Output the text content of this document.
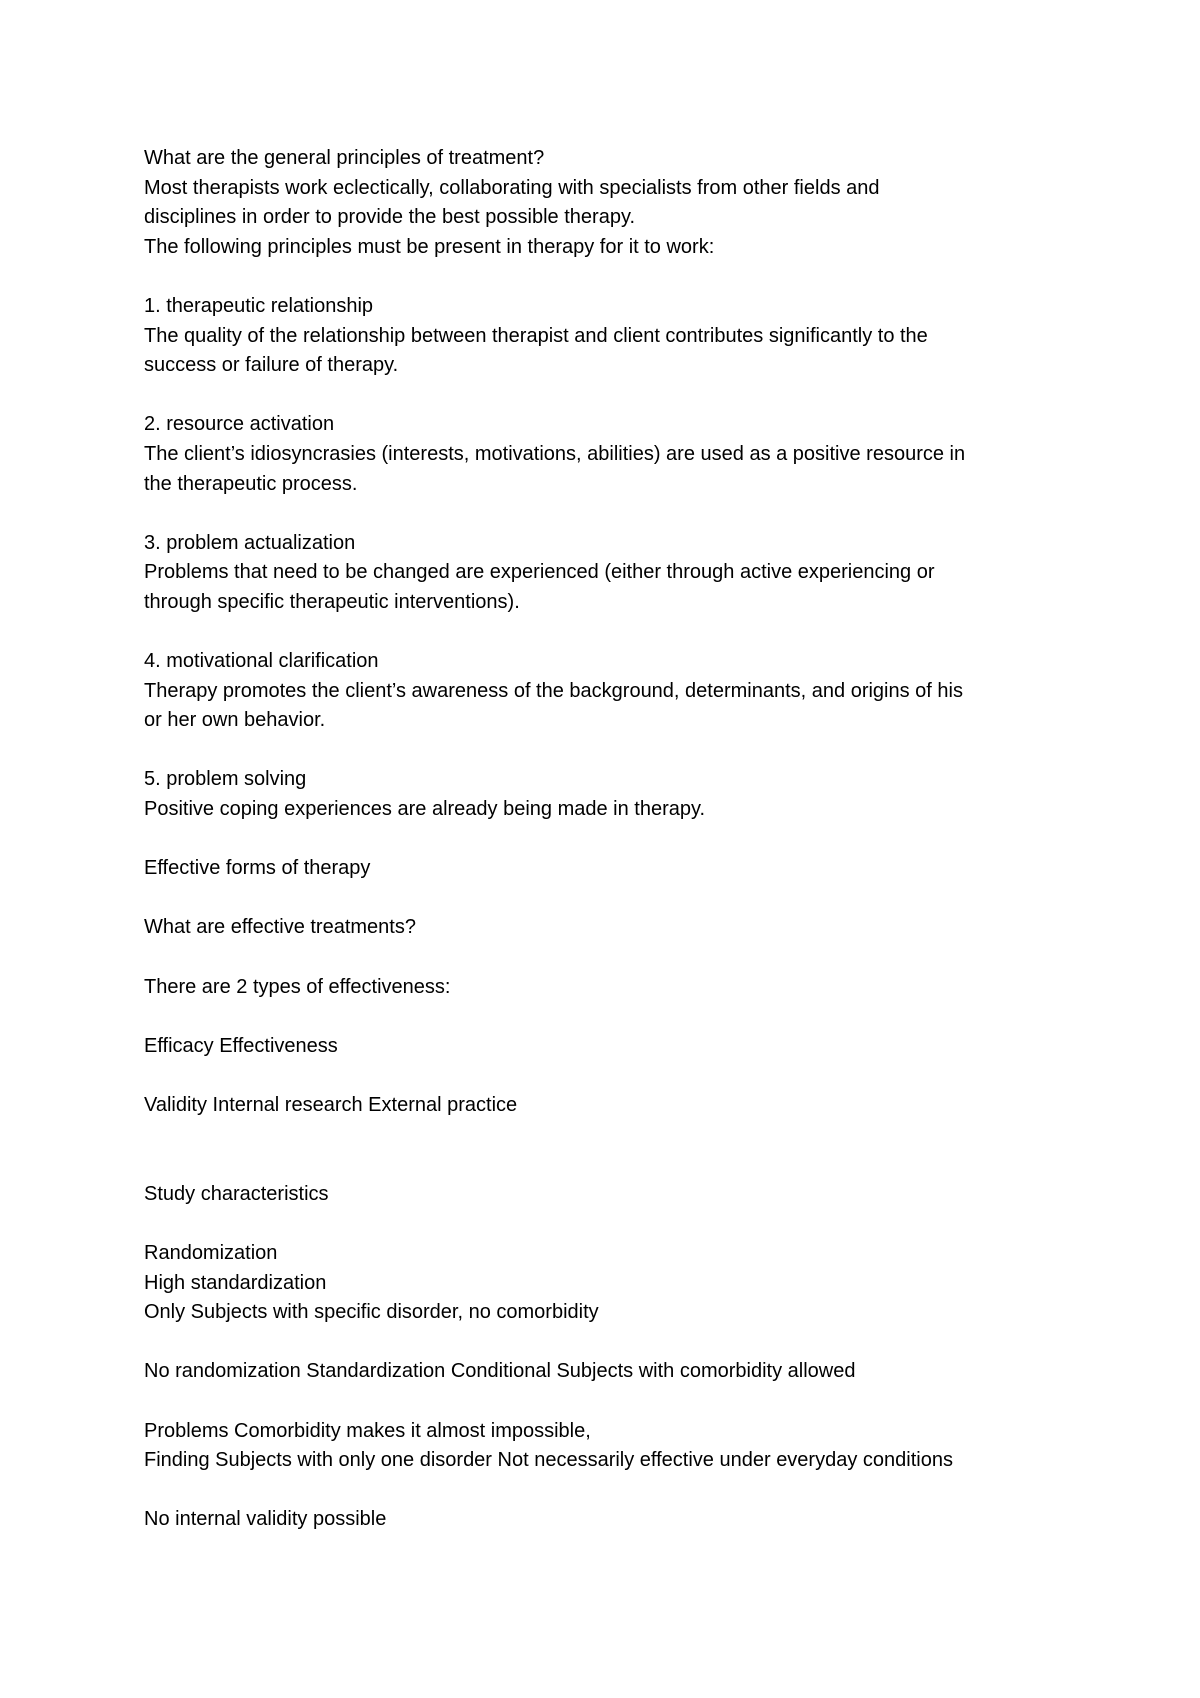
What are the general principles of treatment?
Most therapists work eclectically, collaborating with specialists from other fields and
disciplines in order to provide the best possible therapy.
The following principles must be present in therapy for it to work:
1. therapeutic relationship
The quality of the relationship between therapist and client contributes significantly to the
success or failure of therapy.
2. resource activation
The client’s idiosyncrasies (interests, motivations, abilities) are used as a positive resource in
the therapeutic process.
3. problem actualization
Problems that need to be changed are experienced (either through active experiencing or
through specific therapeutic interventions).
4. motivational clarification
Therapy promotes the client’s awareness of the background, determinants, and origins of his
or her own behavior.
5. problem solving
Positive coping experiences are already being made in therapy.
Effective forms of therapy
What are effective treatments?
There are 2 types of effectiveness:
Efficacy Effectiveness
Validity Internal research External practice
Study characteristics
Randomization
High standardization
Only Subjects with specific disorder, no comorbidity
No randomization Standardization Conditional Subjects with comorbidity allowed
Problems Comorbidity makes it almost impossible,
Finding Subjects with only one disorder Not necessarily effective under everyday conditions
No internal validity possible
